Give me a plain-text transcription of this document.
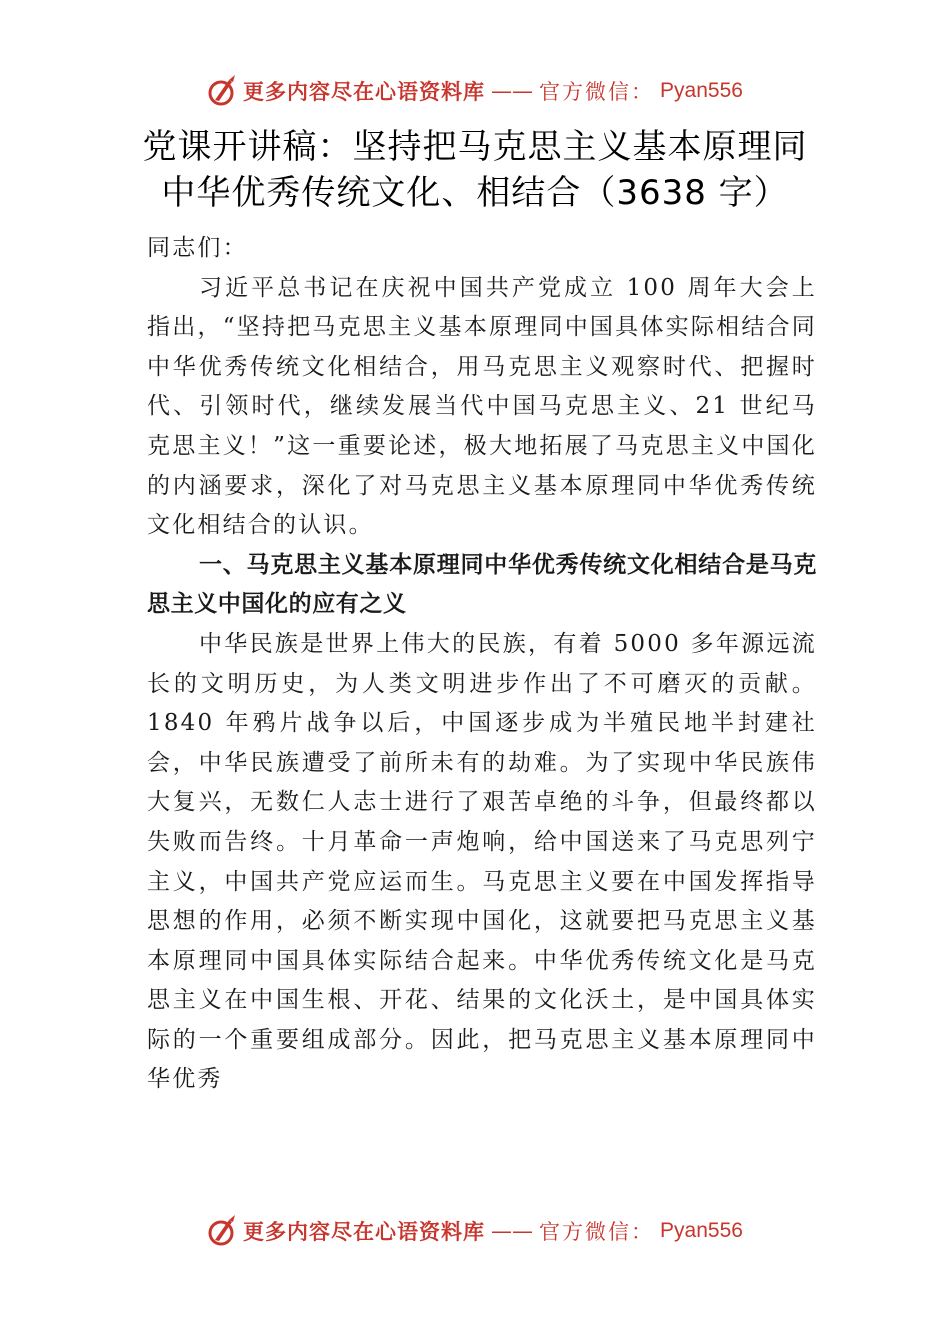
更多内容尽在心语资料库 —— 官方微信： Pyan556
党课开讲稿：坚持把马克思主义基本原理同
中华优秀传统文化、相结合（3638 字）

同志们：

习近平总书记在庆祝中国共产党成立 100 周年大会上指出，“坚持把马克思主义基本原理同中国具体实际相结合同中华优秀传统文化相结合，用马克思主义观察时代、把握时代、引领时代，继续发展当代中国马克思主义、21 世纪马克思主义！”这一重要论述，极大地拓展了马克思主义中国化的内涵要求，深化了对马克思主义基本原理同中华优秀传统文化相结合的认识。

一、马克思主义基本原理同中华优秀传统文化相结合是马克思主义中国化的应有之义

中华民族是世界上伟大的民族，有着 5000 多年源远流长的文明历史，为人类文明进步作出了不可磨灭的贡献。1840 年鸦片战争以后，中国逐步成为半殖民地半封建社会，中华民族遭受了前所未有的劫难。为了实现中华民族伟大复兴，无数仁人志士进行了艰苦卓绝的斗争，但最终都以失败而告终。十月革命一声炮响，给中国送来了马克思列宁主义，中国共产党应运而生。马克思主义要在中国发挥指导思想的作用，必须不断实现中国化，这就要把马克思主义基本原理同中国具体实际结合起来。中华优秀传统文化是马克思主义在中国生根、开花、结果的文化沃土，是中国具体实际的一个重要组成部分。因此，把马克思主义基本原理同中华优秀

更多内容尽在心语资料库 —— 官方微信： Pyan556
